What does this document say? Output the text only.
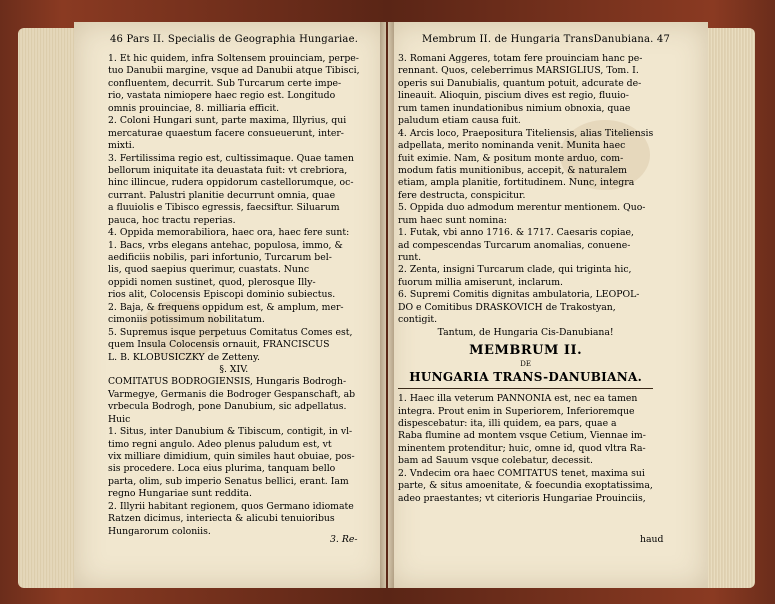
46 Pars II. Specialis de Geographia Hungariae.	Membrum II. de Hungaria TransDanubiana. 47
1. Et hic quidem, infra Soltensem prouinciam, perpe-
tuo Danubii margine, vsque ad Danubii atque Tibisci,
confluentem, decurrit. Sub Turcarum certe impe-
rio, vastata nimiopere haec regio est. Longitudo
omnis prouinciae, 8. milliaria efficit.
2. Coloni Hungari sunt, parte maxima, Illyrius, qui
mercaturae quaestum facere consueuerunt, inter-
mixti.
3. Fertilissima regio est, cultissimaque. Quae tamen
bellorum iniquitate ita deuastata fuit: vt crebriora,
hinc illincue, rudera oppidorum castellorumque, oc-
currant. Palustri planitie decurrunt omnia, quae
a fluuiolis e Tibisco egressis, faecsiftur. Siluarum
pauca, hoc tractu reperias.
4. Oppida memorabiliora, haec ora, haec fere sunt:
1. Bacs, vrbs elegans antehac, populosa, immo, &
aedificiis nobilis, pari infortunio, Turcarum bel-
lis, quod saepius querimur, cuastats. Nunc
oppidi nomen sustinet, quod, plerosque Illy-
rios alit, Colocensis Episcopi dominio subiectus.
2. Baja, & frequens oppidum est, & amplum, mer-
cimoniis potissimum nobilitatum.
5. Supremus isque perpetuus Comitatus Comes est,
quem Insula Colocensis ornauit, FRANCISCUS
L. B. KLOBUSICZKY de Zetteny.
§. XIV.
COMITATUS BODROGIENSIS, Hungaris Bodrogh-
Varmegye, Germanis die Bodroger Gespanschaft, ab
vrbecula Bodrogh, pone Danubium, sic adpellatus.
Huic
1. Situs, inter Danubium & Tibiscum, contigit, in vl-
timo regni angulo. Adeo plenus paludum est, vt
vix milliare dimidium, quin similes haut obuiae, pos-
sis procedere. Loca eius plurima, tanquam bello
parta, olim, sub imperio Senatus bellici, erant. Iam
regno Hungariae sunt reddita.
2. Illyrii habitant regionem, quos Germano idiomate
Ratzen dicimus, interiecta & alicubi tenuioribus
Hungarorum coloniis.
3. Re-
3. Romani Aggeres, totam fere prouinciam hanc pe-
rennant. Quos, celeberrimus MARSIGLIUS, Tom. I.
operis sui Danubialis, quantum potuit, adcurate de-
lineauit. Alioquin, piscium dives est regio, fluuio-
rum tamen inundationibus nimium obnoxia, quae
paludum etiam causa fuit.
4. Arcis loco, Praepositura Titeliensis, alias Titeliensis
adpellata, merito nominanda venit. Munita haec
fuit eximie. Nam, & positum monte arduo, com-
modum fatis munitionibus, accepit, & naturalem
etiam, ampla planitie, fortitudinem. Nunc, integra
fere destructa, conspicitur.
5. Oppida duo admodum merentur mentionem. Quo-
rum haec sunt nomina:
1. Futak, vbi anno 1716. & 1717. Caesaris copiae,
ad compescendas Turcarum anomalias, conuene-
runt.
2. Zenta, insigni Turcarum clade, qui triginta hic,
fuorum millia amiserunt, inclarum.
6. Supremi Comitis dignitas ambulatoria, LEOPOL-
DO e Comitibus DRASKOVICH de Trakostyan,
contigit.
Tantum, de Hungaria Cis-Danubiana!
MEMBRUM II.
DE
HUNGARIA TRANS-DANUBIANA.
1. Haec illa veterum PANNONIA est, nec ea tamen
integra. Prout enim in Superiorem, Inferioremque
dispescebatur: ita, illi quidem, ea pars, quae a
Raba flumine ad montem vsque Cetium, Viennae im-
minentem protenditur; huic, omne id, quod vltra Ra-
bam ad Sauum vsque colebatur, decessit.
2. Vndecim ora haec COMITATUS tenet, maxima sui
parte, & situs amoenitate, & foecundia exoptatissima,
adeo praestantes; vt citerioris Hungariae Prouinciis,
haud
